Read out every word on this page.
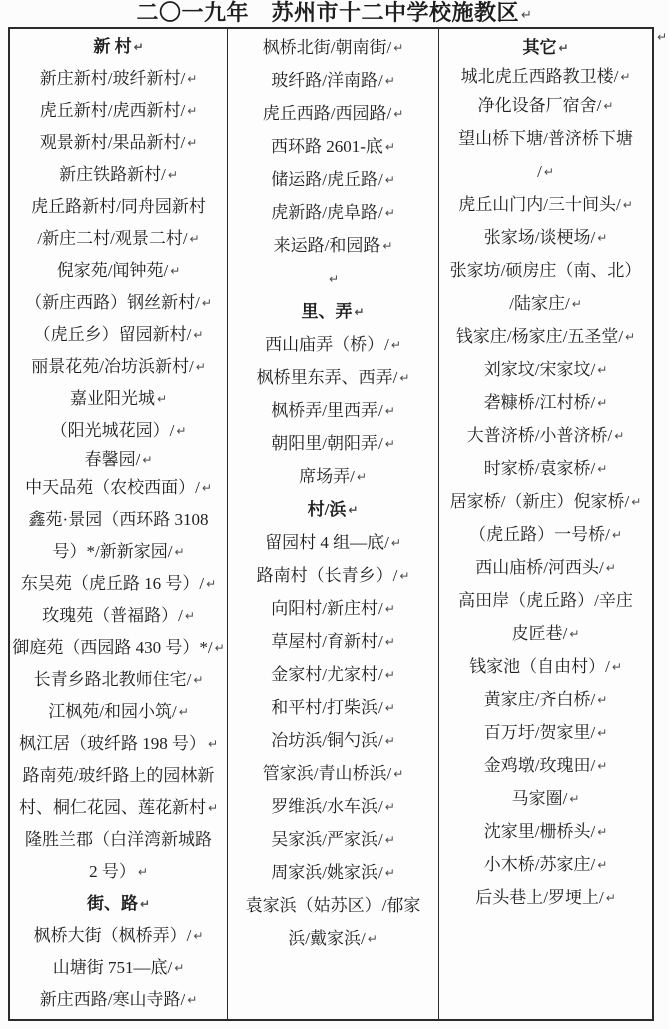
二〇一九年　苏州市十二中学校施教区 ↵
新 村 ↵
新庄新村/玻纤新村/ ↵
虎丘新村/虎西新村/ ↵
观景新村/果品新村/ ↵
新庄铁路新村/ ↵
虎丘路新村/同舟园新村
/新庄二村/观景二村/ ↵
倪家苑/闻钟苑/ ↵
（新庄西路）钢丝新村/ ↵
（虎丘乡）留园新村/ ↵
丽景花苑/冶坊浜新村/ ↵
嘉业阳光城 ↵
（阳光城花园）/ ↵
春馨园/ ↵
中天品苑（农校西面）/ ↵
鑫苑·景园（西环路 3108
号）*/新新家园/ ↵
东吴苑（虎丘路 16 号）/ ↵
玫瑰苑（普福路）/ ↵
御庭苑（西园路 430 号）*/ ↵
长青乡路北教师住宅/ ↵
江枫苑/和园小筑/ ↵
枫江居（玻纤路 198 号） ↵
路南苑/玻纤路上的园林新
村、桐仁花园、莲花新村 ↵
隆胜兰郡（白洋湾新城路
2 号） ↵
街、路 ↵
枫桥大街（枫桥弄）/ ↵
山塘街 751—底/ ↵
新庄西路/寒山寺路/ ↵
枫桥北街/朝南街/ ↵
玻纤路/洋南路/ ↵
虎丘西路/西园路/ ↵
西环路 2601-底 ↵
储运路/虎丘路/ ↵
虎新路/虎阜路/ ↵
来运路/和园路 ↵
↵
里、弄 ↵
西山庙弄（桥）/ ↵
枫桥里东弄、西弄/ ↵
枫桥弄/里西弄/ ↵
朝阳里/朝阳弄/ ↵
席场弄/ ↵
村/浜 ↵
留园村 4 组—底/ ↵
路南村（长青乡）/ ↵
向阳村/新庄村/ ↵
草屋村/育新村/ ↵
金家村/尤家村/ ↵
和平村/打柴浜/ ↵
冶坊浜/铜勺浜/ ↵
管家浜/青山桥浜/ ↵
罗维浜/水车浜/ ↵
吴家浜/严家浜/ ↵
周家浜/姚家浜/ ↵
袁家浜（姑苏区）/郁家
浜/戴家浜/ ↵
其它 ↵
城北虎丘西路教卫楼/ ↵
净化设备厂宿舍/ ↵
望山桥下塘/普济桥下塘
/ ↵
虎丘山门内/三十间头/ ↵
张家场/谈梗场/ ↵
张家坊/硕房庄（南、北）
/陆家庄/ ↵
钱家庄/杨家庄/五圣堂/ ↵
刘家坟/宋家坟/ ↵
砻糠桥/江村桥/ ↵
大普济桥/小普济桥/ ↵
时家桥/袁家桥/ ↵
居家桥/（新庄）倪家桥/ ↵
（虎丘路）一号桥/ ↵
西山庙桥/河西头/ ↵
高田岸（虎丘路）/辛庄
皮匠巷/ ↵
钱家池（自由村）/ ↵
黄家庄/齐白桥/ ↵
百万圩/贺家里/ ↵
金鸡墩/玫瑰田/ ↵
马家圈/ ↵
沈家里/栅桥头/ ↵
小木桥/苏家庄/ ↵
后头巷上/罗埂上/ ↵
↵
